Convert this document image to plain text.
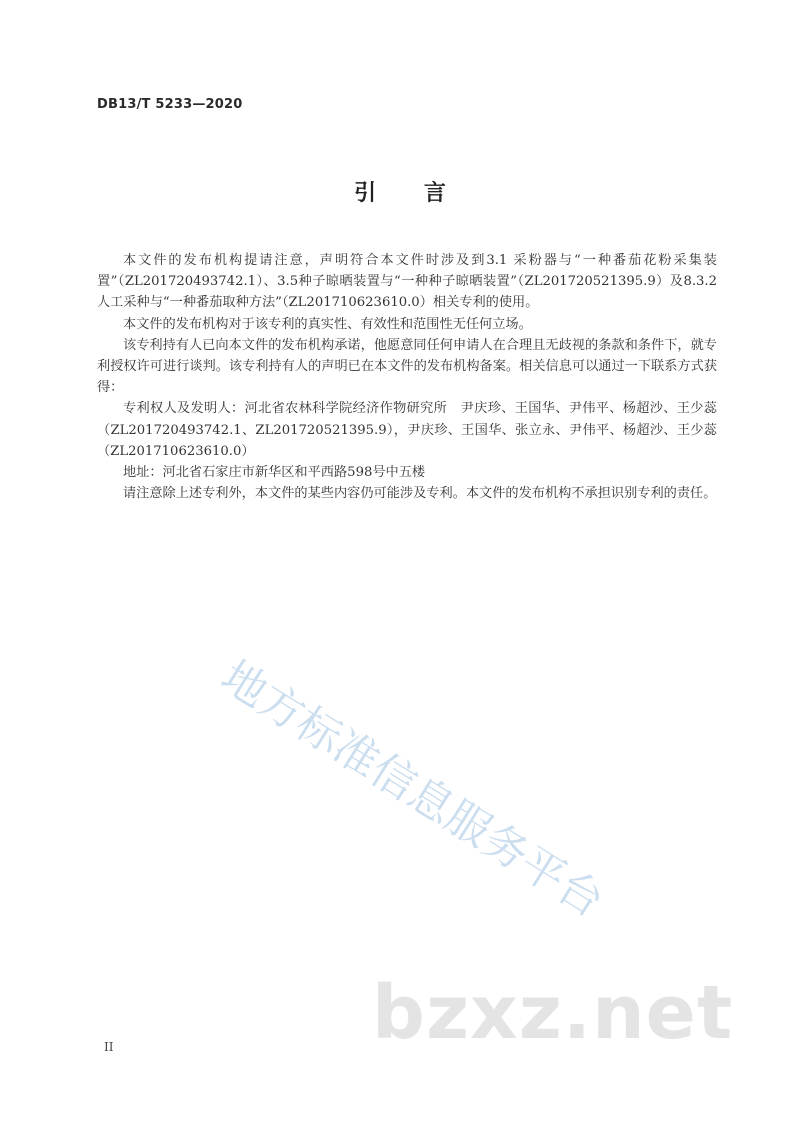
DB13/T 5233—2020
引 言

本文件的发布机构提请注意，声明符合本文件时涉及到3.1 采粉器与“一种番茄花粉采集装置”（ZL201720493742.1）、3.5种子晾晒装置与“一种种子晾晒装置”（ZL201720521395.9）及8.3.2人工采种与“一种番茄取种方法”（ZL201710623610.0）相关专利的使用。

本文件的发布机构对于该专利的真实性、有效性和范围性无任何立场。

该专利持有人已向本文件的发布机构承诺，他愿意同任何申请人在合理且无歧视的条款和条件下，就专利授权许可进行谈判。该专利持有人的声明已在本文件的发布机构备案。相关信息可以通过一下联系方式获得：

专利权人及发明人：河北省农林科学院经济作物研究所　尹庆珍、王国华、尹伟平、杨超沙、王少蕊（ZL201720493742.1、ZL201720521395.9），尹庆珍、王国华、张立永、尹伟平、杨超沙、王少蕊（ZL201710623610.0）

地址：河北省石家庄市新华区和平西路598号中五楼

请注意除上述专利外，本文件的某些内容仍可能涉及专利。本文件的发布机构不承担识别专利的责任。

地方标准信息服务平台
bzxz.net
II
